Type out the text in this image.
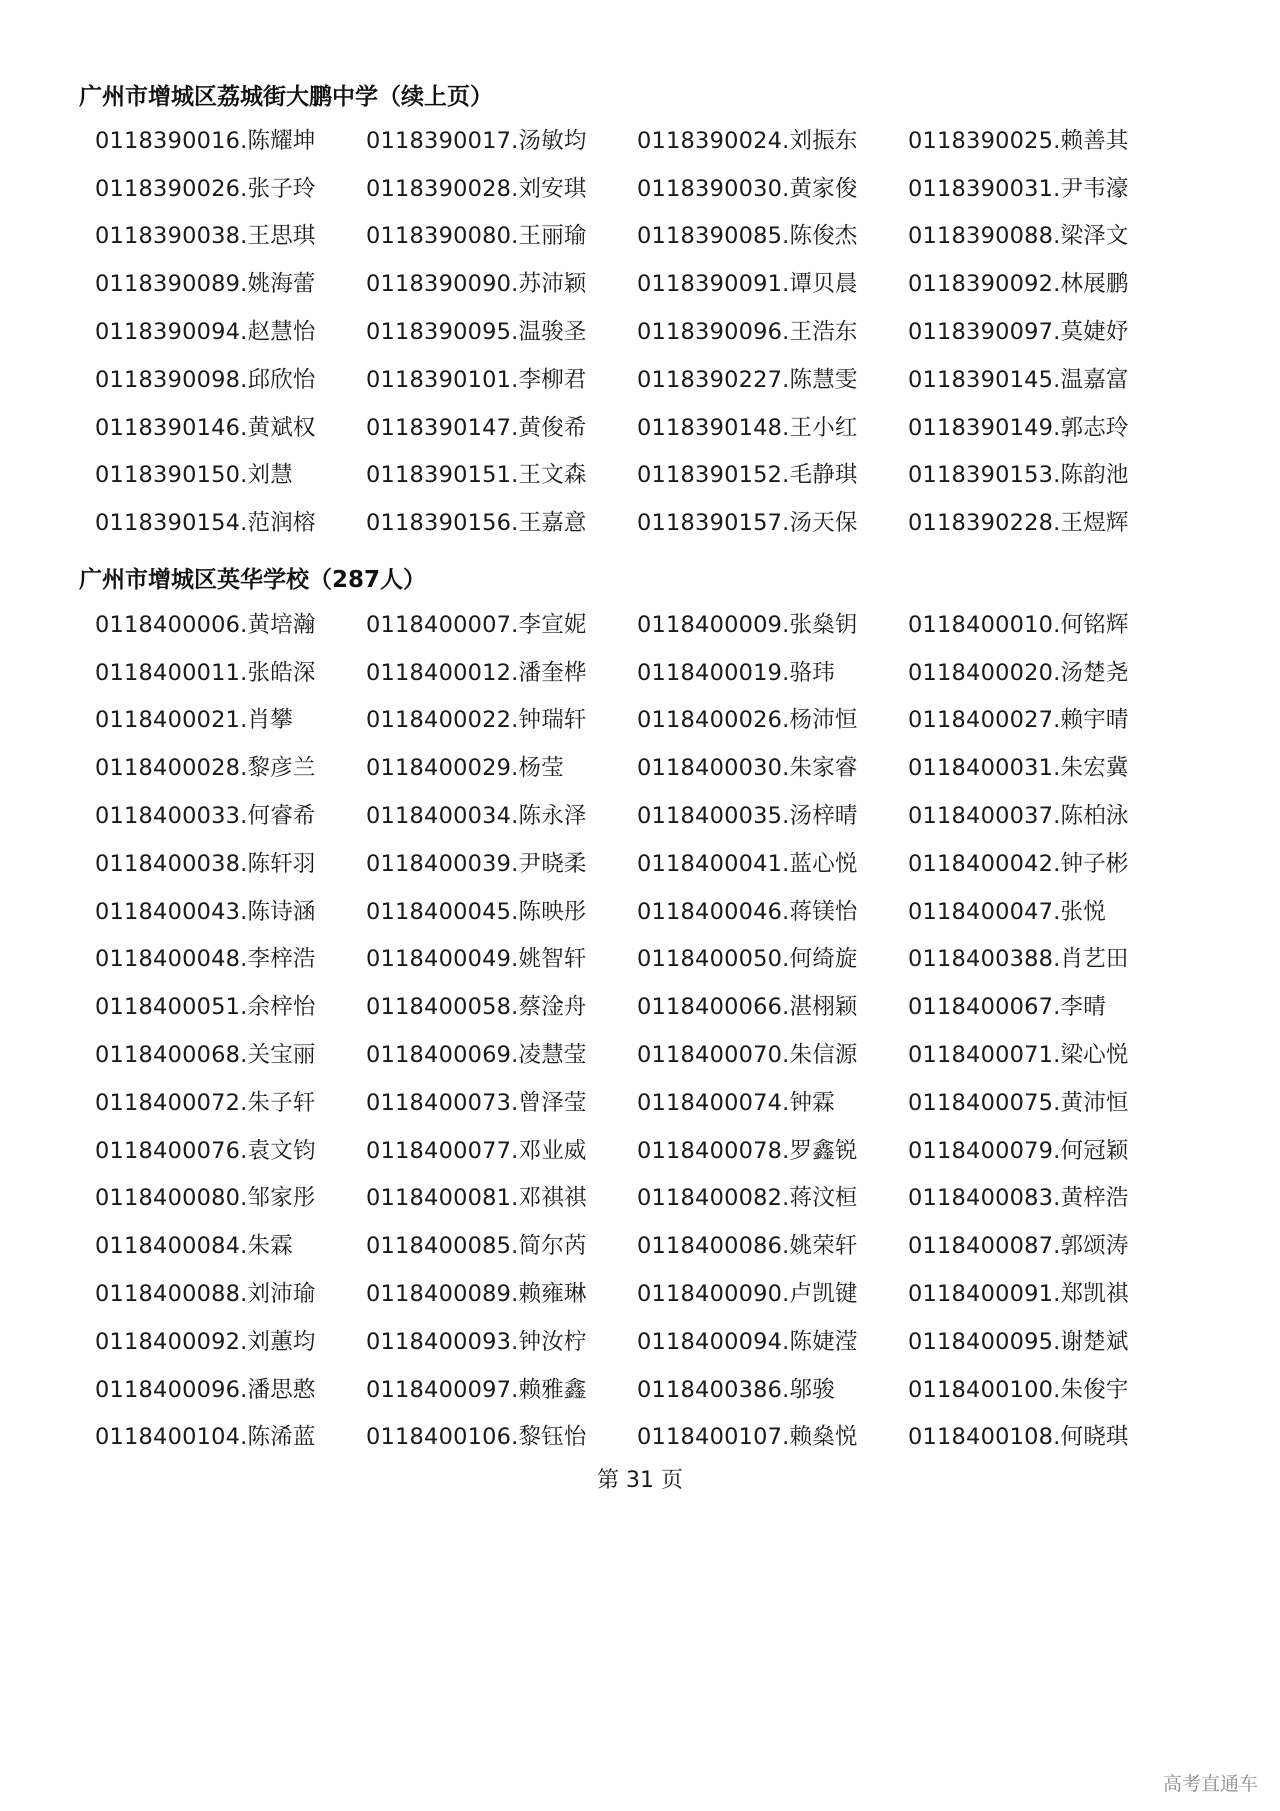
广州市增城区荔城街大鹏中学（续上页）
0118390016.陈耀坤	0118390017.汤敏均	0118390024.刘振东	0118390025.赖善其
0118390026.张子玲	0118390028.刘安琪	0118390030.黄家俊	0118390031.尹韦濠
0118390038.王思琪	0118390080.王丽瑜	0118390085.陈俊杰	0118390088.梁泽文
0118390089.姚海蕾	0118390090.苏沛颖	0118390091.谭贝晨	0118390092.林展鹏
0118390094.赵慧怡	0118390095.温骏圣	0118390096.王浩东	0118390097.莫婕妤
0118390098.邱欣怡	0118390101.李柳君	0118390227.陈慧雯	0118390145.温嘉富
0118390146.黄斌权	0118390147.黄俊希	0118390148.王小红	0118390149.郭志玲
0118390150.刘慧	0118390151.王文森	0118390152.毛静琪	0118390153.陈韵池
0118390154.范润榕	0118390156.王嘉意	0118390157.汤天保	0118390228.王煜辉
广州市增城区英华学校（287人）
0118400006.黄培瀚	0118400007.李宣妮	0118400009.张燊钥	0118400010.何铭辉
0118400011.张皓深	0118400012.潘奎桦	0118400019.骆玮	0118400020.汤楚尧
0118400021.肖攀	0118400022.钟瑞轩	0118400026.杨沛恒	0118400027.赖宇晴
0118400028.黎彦兰	0118400029.杨莹	0118400030.朱家睿	0118400031.朱宏冀
0118400033.何睿希	0118400034.陈永泽	0118400035.汤梓晴	0118400037.陈柏泳
0118400038.陈轩羽	0118400039.尹晓柔	0118400041.蓝心悦	0118400042.钟子彬
0118400043.陈诗涵	0118400045.陈映彤	0118400046.蒋镁怡	0118400047.张悦
0118400048.李梓浩	0118400049.姚智轩	0118400050.何绮旋	0118400388.肖艺田
0118400051.余梓怡	0118400058.蔡淦舟	0118400066.湛栩颖	0118400067.李晴
0118400068.关宝丽	0118400069.凌慧莹	0118400070.朱信源	0118400071.梁心悦
0118400072.朱子轩	0118400073.曾泽莹	0118400074.钟霖	0118400075.黄沛恒
0118400076.袁文钧	0118400077.邓业威	0118400078.罗鑫锐	0118400079.何冠颖
0118400080.邹家彤	0118400081.邓祺祺	0118400082.蒋汶桓	0118400083.黄梓浩
0118400084.朱霖	0118400085.简尔芮	0118400086.姚荣轩	0118400087.郭颂涛
0118400088.刘沛瑜	0118400089.赖雍琳	0118400090.卢凯键	0118400091.郑凯祺
0118400092.刘蕙均	0118400093.钟汝柠	0118400094.陈婕滢	0118400095.谢楚斌
0118400096.潘思憨	0118400097.赖雅鑫	0118400386.邬骏	0118400100.朱俊宇
0118400104.陈浠蓝	0118400106.黎钰怡	0118400107.赖燊悦	0118400108.何晓琪
第 31 页
高考直通车
